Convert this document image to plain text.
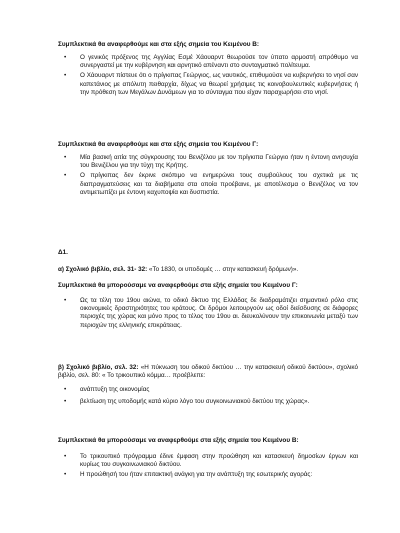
Συμπλεκτικά θα αναφερθούμε και στα εξής σημεία του Κειμένου Β:
• Ο γενικός πρόξενος της Αγγλίας Εσμέ Χάουαρντ θεωρούσε τον ύπατο αρμοστή απρόθυμο να συνεργαστεί με την κυβέρνηση και αρνητικό απέναντι στο συνταγματικό πολίτευμα.
• Ο Χάουαρντ πίστευε ότι ο πρίγκιπας Γεώργιος, ως ναυτικός, επιθυμούσε να κυβερνήσει το νησί σαν καπετάνιος με απόλυτη πειθαρχία, δίχως να θεωρεί χρήσιμες τις κοινοβουλευτικές κυβερνήσεις ή την πρόθεση των Μεγάλων Δυνάμεων για το σύνταγμα που είχαν παραχωρήσει στο νησί.
Συμπλεκτικά θα αναφερθούμε και στα εξής σημεία του Κειμένου Γ:
• Μία βασική αιτία της σύγκρουσης του Βενιζέλου με τον πρίγκιπα Γεώργιο ήταν η έντονη ανησυχία του Βενιζέλου για την τύχη της Κρήτης.
• Ο πρίγκιπας δεν έκρινε σκόπιμο να ενημερώνει τους συμβούλους του σχετικά με τις διαπραγματεύσεις και τα διαβήματα στα οποία προέβαινε, με αποτέλεσμα ο Βενιζέλος να τον αντιμετωπίζει με έντονη καχυποψία και δυσπιστία.
Δ1.
α) Σχολικό βιβλίο, σελ. 31- 32: «Το 1830, οι υποδομές … στην κατασκευή δρόμων)».
Συμπλεκτικά θα μπορούσαμε να αναφερθούμε στα εξής σημεία του Κειμένου Γ:
• Ως τα τέλη του 19ου αιώνα, το οδικό δίκτυο της Ελλάδας δε διαδραμάτιζει σημαντικό ρόλο στις οικονομικές δραστηριότητες του κράτους. Οι δρόμοι λειτουργούν ως οδοί διείσδυσης σε διάφορες περιοχές της χώρας και μόνο προς το τέλος του 19ου αι. διευκολύνουν την επικοινωνία μεταξύ των περιοχών της ελληνικής επικράτειας.
β) Σχολικό βιβλίο, σελ. 32: «Η πύκνωση του οδικού δικτύου … την κατασκευή οδικού δικτύου», σχολικό βιβλίο, σελ. 80: « Το τρικουπικό κόμμα… προέβλεπε:
• ανάπτυξη της οικονομίας
• βελτίωση της υποδομής κατά κύριο λόγο του συγκοινωνιακού δικτύου της χώρας».
Συμπλεκτικά θα μπορούσαμε να αναφερθούμε στα εξής σημεία του Κειμένου Β:
• Το τρικουπικό πρόγραμμα έδινε έμφαση στην προώθηση και κατασκευή δημοσίων έργων και κυρίως του συγκοινωνιακού δικτύου.
• Η προώθησή του ήταν επιτακτική ανάγκη για την ανάπτυξη της εσωτερικής αγοράς:
